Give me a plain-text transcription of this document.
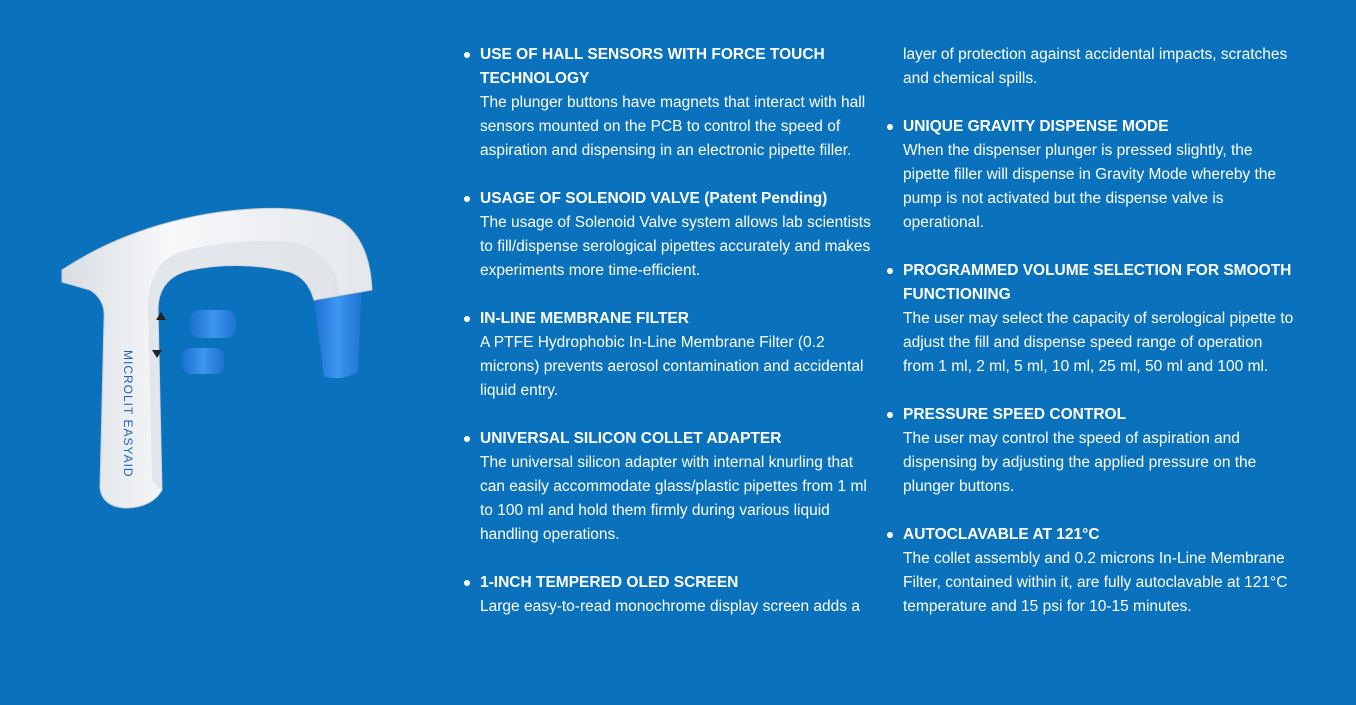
MICROLIT EASYAID
USE OF HALL SENSORS WITH FORCE TOUCH TECHNOLOGY
The plunger buttons have magnets that interact with hall sensors mounted on the PCB to control the speed of aspiration and dispensing in an electronic pipette filler.
USAGE OF SOLENOID VALVE (Patent Pending)
The usage of Solenoid Valve system allows lab scientists to fill/dispense serological pipettes accurately and makes experiments more time-efficient.
IN-LINE MEMBRANE FILTER
A PTFE Hydrophobic In-Line Membrane Filter (0.2 microns) prevents aerosol contamination and accidental liquid entry.
UNIVERSAL SILICON COLLET ADAPTER
The universal silicon adapter with internal knurling that can easily accommodate glass/plastic pipettes from 1 ml to 100 ml and hold them firmly during various liquid handling operations.
1-INCH TEMPERED OLED SCREEN
Large easy-to-read monochrome display screen adds a
layer of protection against accidental impacts, scratches and chemical spills.
UNIQUE GRAVITY DISPENSE MODE
When the dispenser plunger is pressed slightly, the pipette filler will dispense in Gravity Mode whereby the pump is not activated but the dispense valve is operational.
PROGRAMMED VOLUME SELECTION FOR SMOOTH FUNCTIONING
The user may select the capacity of serological pipette to adjust the fill and dispense speed range of operation from 1 ml, 2 ml, 5 ml, 10 ml, 25 ml, 50 ml and 100 ml.
PRESSURE SPEED CONTROL
The user may control the speed of aspiration and dispensing by adjusting the applied pressure on the plunger buttons.
AUTOCLAVABLE AT 121°C
The collet assembly and 0.2 microns In-Line Membrane Filter, contained within it, are fully autoclavable at 121°C temperature and 15 psi for 10-15 minutes.
